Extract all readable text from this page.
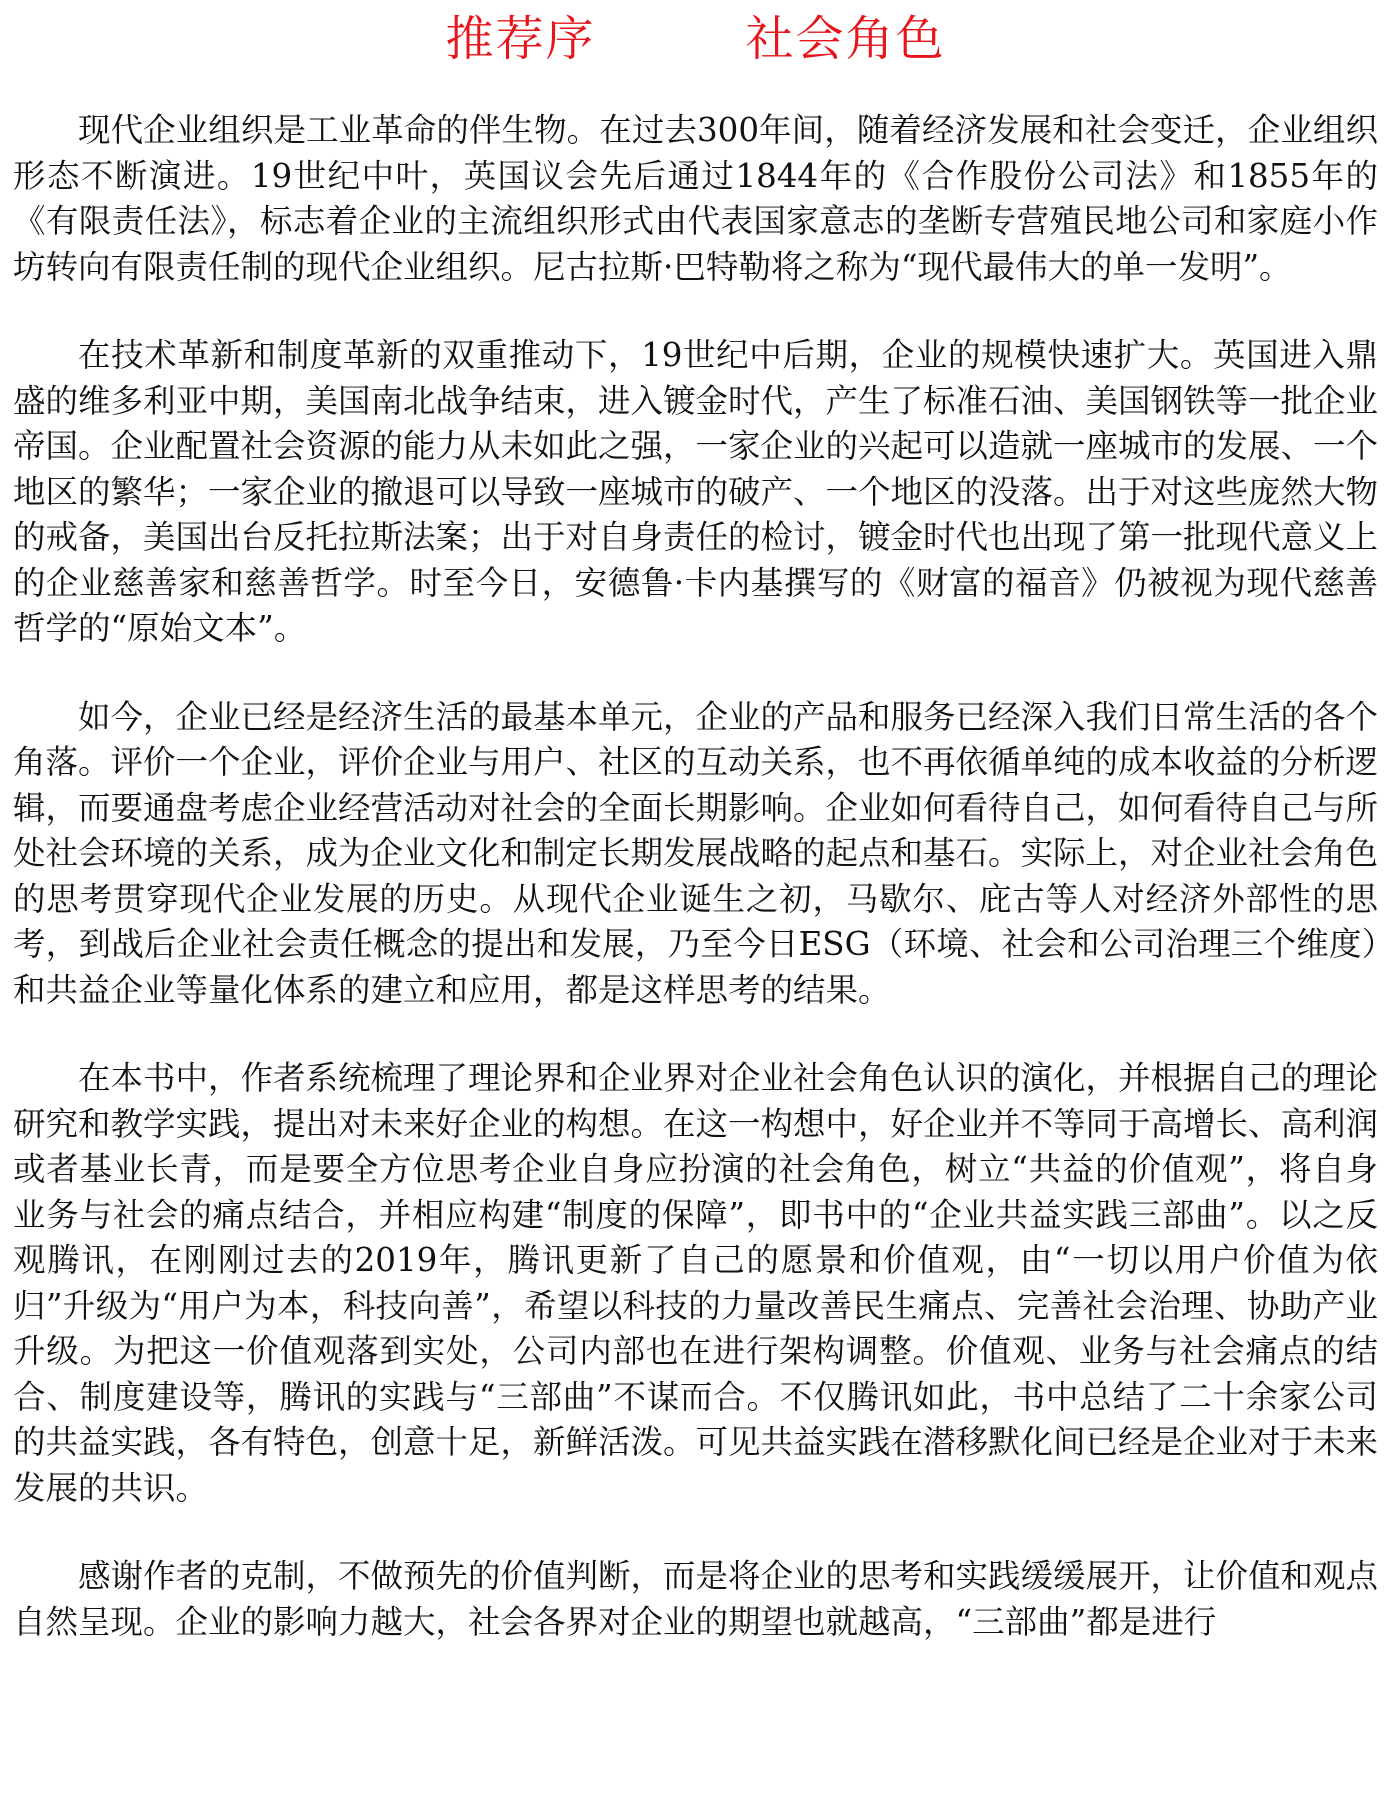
推荐序	社会角色

现代企业组织是工业革命的伴生物。在过去300年间，随着经济发展和社会变迁，企业组织形态不断演进。19世纪中叶，英国议会先后通过1844年的《合作股份公司法》和1855年的《有限责任法》，标志着企业的主流组织形式由代表国家意志的垄断专营殖民地公司和家庭小作坊转向有限责任制的现代企业组织。尼古拉斯·巴特勒将之称为“现代最伟大的单一发明”。

在技术革新和制度革新的双重推动下，19世纪中后期，企业的规模快速扩大。英国进入鼎盛的维多利亚中期，美国南北战争结束，进入镀金时代，产生了标准石油、美国钢铁等一批企业帝国。企业配置社会资源的能力从未如此之强，一家企业的兴起可以造就一座城市的发展、一个地区的繁华；一家企业的撤退可以导致一座城市的破产、一个地区的没落。出于对这些庞然大物的戒备，美国出台反托拉斯法案；出于对自身责任的检讨，镀金时代也出现了第一批现代意义上的企业慈善家和慈善哲学。时至今日，安德鲁·卡内基撰写的《财富的福音》仍被视为现代慈善哲学的“原始文本”。

如今，企业已经是经济生活的最基本单元，企业的产品和服务已经深入我们日常生活的各个角落。评价一个企业，评价企业与用户、社区的互动关系，也不再依循单纯的成本收益的分析逻辑，而要通盘考虑企业经营活动对社会的全面长期影响。企业如何看待自己，如何看待自己与所处社会环境的关系，成为企业文化和制定长期发展战略的起点和基石。实际上，对企业社会角色的思考贯穿现代企业发展的历史。从现代企业诞生之初，马歇尔、庇古等人对经济外部性的思考，到战后企业社会责任概念的提出和发展，乃至今日ESG（环境、社会和公司治理三个维度）和共益企业等量化体系的建立和应用，都是这样思考的结果。

在本书中，作者系统梳理了理论界和企业界对企业社会角色认识的演化，并根据自己的理论研究和教学实践，提出对未来好企业的构想。在这一构想中，好企业并不等同于高增长、高利润或者基业长青，而是要全方位思考企业自身应扮演的社会角色，树立“共益的价值观”，将自身业务与社会的痛点结合，并相应构建“制度的保障”，即书中的“企业共益实践三部曲”。以之反观腾讯，在刚刚过去的2019年，腾讯更新了自己的愿景和价值观，由“一切以用户价值为依归”升级为“用户为本，科技向善”，希望以科技的力量改善民生痛点、完善社会治理、协助产业升级。为把这一价值观落到实处，公司内部也在进行架构调整。价值观、业务与社会痛点的结合、制度建设等，腾讯的实践与“三部曲”不谋而合。不仅腾讯如此，书中总结了二十余家公司的共益实践，各有特色，创意十足，新鲜活泼。可见共益实践在潜移默化间已经是企业对于未来发展的共识。

感谢作者的克制，不做预先的价值判断，而是将企业的思考和实践缓缓展开，让价值和观点自然呈现。企业的影响力越大，社会各界对企业的期望也就越高，“三部曲”都是进行
